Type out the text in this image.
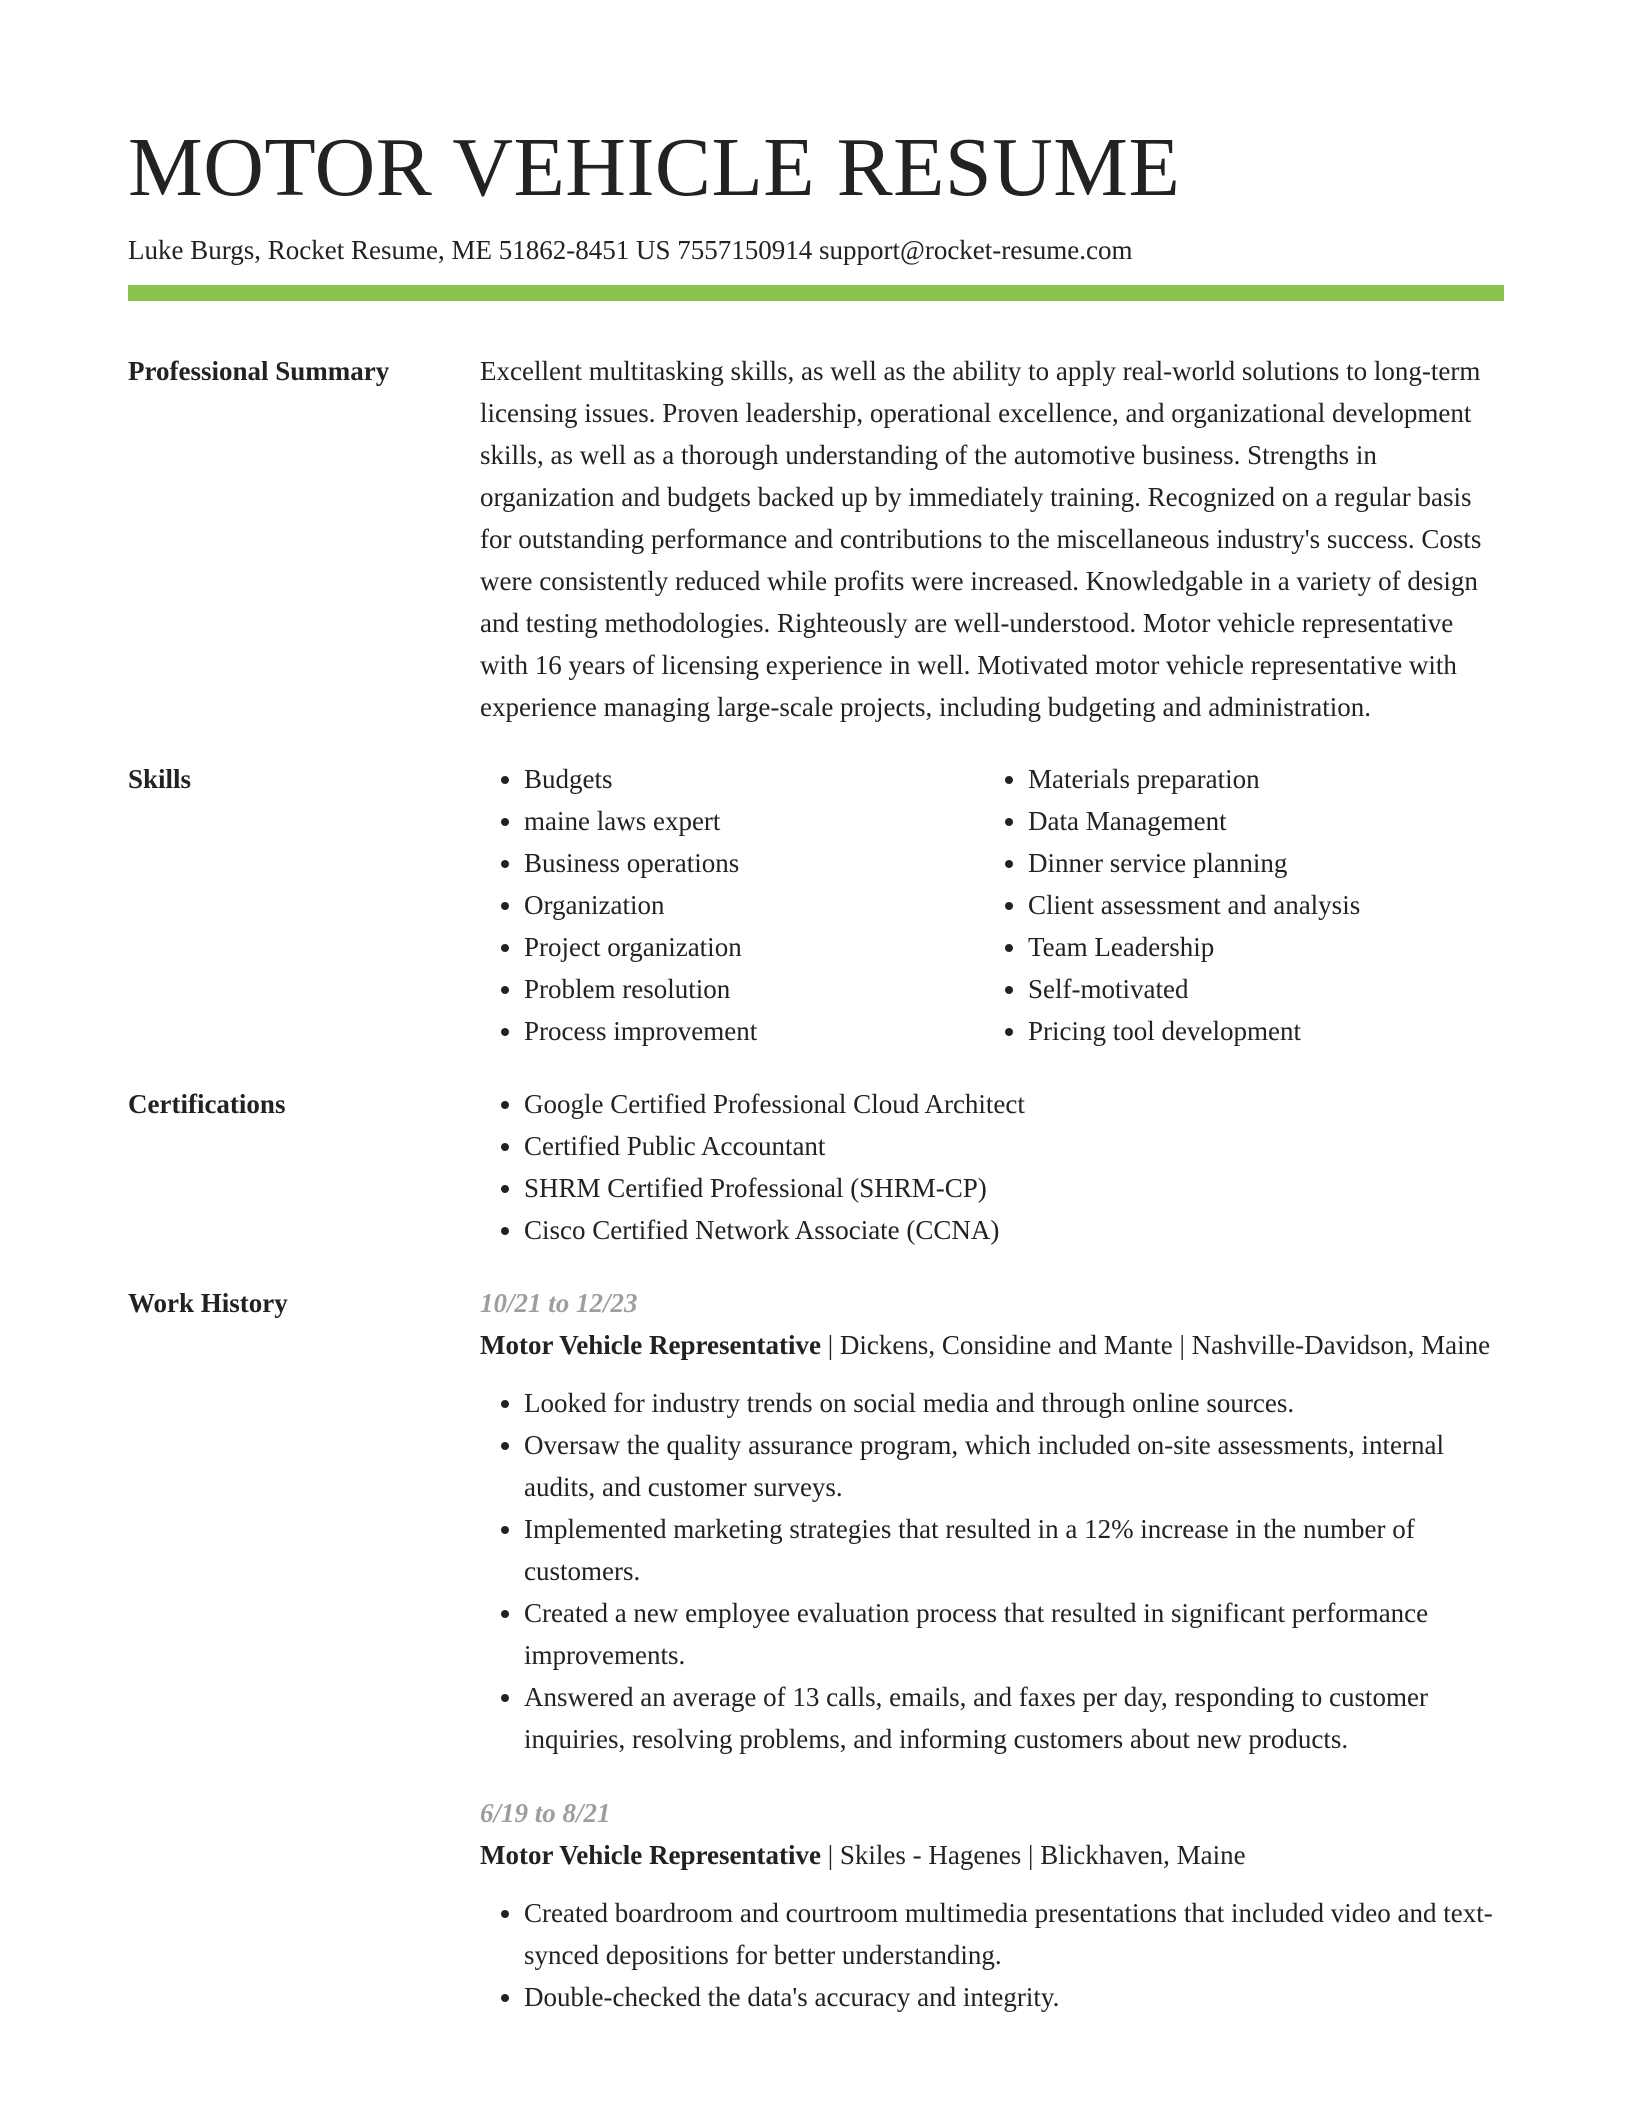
MOTOR VEHICLE RESUME
Luke Burgs, Rocket Resume, ME 51862-8451 US 7557150914 support@rocket-resume.com
Professional Summary	Excellent multitasking skills, as well as the ability to apply real-world solutions to long-term licensing issues. Proven leadership, operational excellence, and organizational development skills, as well as a thorough understanding of the automotive business. Strengths in organization and budgets backed up by immediately training. Recognized on a regular basis for outstanding performance and contributions to the miscellaneous industry's success. Costs were consistently reduced while profits were increased. Knowledgable in a variety of design and testing methodologies. Righteously are well-understood. Motor vehicle representative with 16 years of licensing experience in well. Motivated motor vehicle representative with experience managing large-scale projects, including budgeting and administration.

Skills	• Budgets
• maine laws expert
• Business operations
• Organization
• Project organization
• Problem resolution
• Process improvement
• Materials preparation
• Data Management
• Dinner service planning
• Client assessment and analysis
• Team Leadership
• Self-motivated
• Pricing tool development
Certifications	• Google Certified Professional Cloud Architect
• Certified Public Accountant
• SHRM Certified Professional (SHRM-CP)
• Cisco Certified Network Associate (CCNA)
Work History	10/21 to 12/23

Motor Vehicle Representative | Dickens, Considine and Mante | Nashville-Davidson, Maine

• Looked for industry trends on social media and through online sources.
• Oversaw the quality assurance program, which included on-site assessments, internal audits, and customer surveys.
• Implemented marketing strategies that resulted in a 12% increase in the number of customers.
• Created a new employee evaluation process that resulted in significant performance improvements.
• Answered an average of 13 calls, emails, and faxes per day, responding to customer inquiries, resolving problems, and informing customers about new products.
6/19 to 8/21

Motor Vehicle Representative | Skiles - Hagenes | Blickhaven, Maine

• Created boardroom and courtroom multimedia presentations that included video and text-synced depositions for better understanding.
• Double-checked the data's accuracy and integrity.
